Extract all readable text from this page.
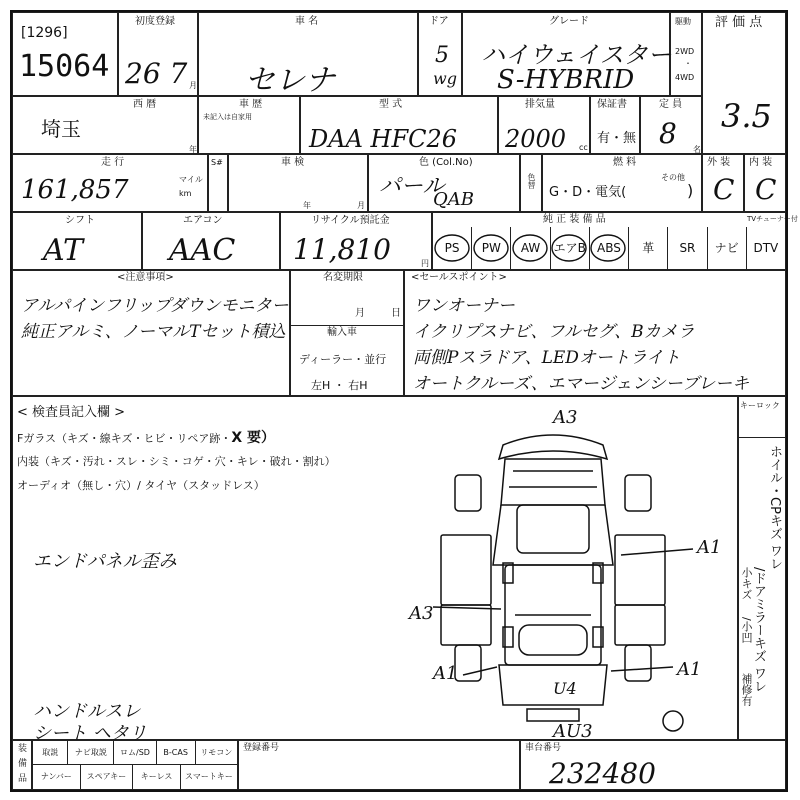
[1296]
15064
初度登録
26 7 月
車 名
セレナ
ドア
5
wg
グレード
ハイウェイスター
S-HYBRID
駆動
2WD
・
4WD
評 価 点
3.5
西 暦
埼玉
年
車 歴
未記入は自家用
型 式
DAA HFC26
排気量
2000 cc
保証書
有・無
定 員
8 名
走 行
161,857	マイル
km
S#	車 検
年	月
色 (Col.No)
パール
QAB
色替
燃 料
G・D・電気(
その他
)
外 装
C
内 装
C
シフト
AT
エアコン
AAC
リサイクル預託金
11,810	円
純 正 装 備 品	TVチューナー付
PS	PW	AW	エアB ABS	革	SR	ナビ	DTV
<注意事項>
アルパインフリップダウンモニター
純正アルミ、ノーマルTセット積込
名変期限
月	日
輸入車
ディーラー・並行
左H ・ 右H
<セールスポイント>
ワンオーナー
イクリプスナビ、フルセグ、Bカメラ
両側Pスラドア、LEDオートライト
オートクルーズ、エマージェンシーブレーキ
< 検査員記入欄 >
Fガラス（キズ・線キズ・ヒビ・リペア跡・X 要）
内装（キズ・汚れ・スレ・シミ・コゲ・穴・キレ・破れ・割れ）
オーディオ（無し・穴）/ タイヤ（スタッドレス）
エンドパネル歪み
ハンドルスレ
シート ヘタリ
A3
A1
A3
A1	A1
U4
AU3
キーロック
ホイル・CPキズ ワレ
/ドアミラーキズ ワレ
小キズ
/小凹
補修有
装
備
品
取説	ナビ取説	ロム/SD	B-CAS	リモコン
ナンバー	スペアキー	キーレス	スマートキー
登録番号	車台番号
232480
